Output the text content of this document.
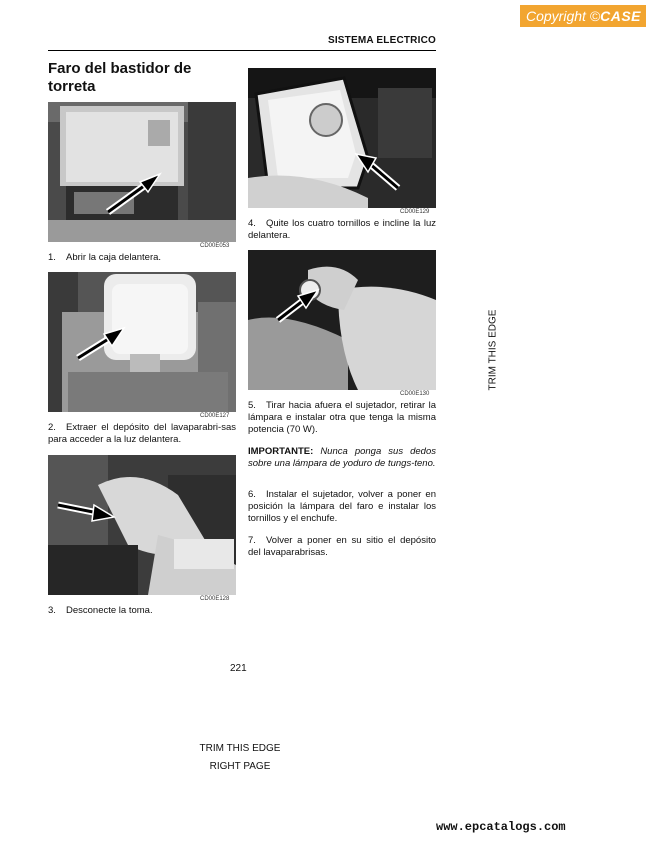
Copyright ©CASE
SISTEMA ELECTRICO
Faro del bastidor de torreta
CD00E053
1. Abrir la caja delantera.
CD00E127
2. Extraer el depósito del lavaparabri-sas para acceder a la luz delantera.
CD00E128
3. Desconecte la toma.
CD00E129
4. Quite los cuatro tornillos e incline la luz delantera.
CD00E130
5. Tirar hacia afuera el sujetador, retirar la lámpara e instalar otra que tenga la misma potencia (70 W).
IMPORTANTE: Nunca ponga sus dedos sobre una lámpara de yoduro de tungs-teno.
6. Instalar el sujetador, volver a poner en posición la lámpara del faro e instalar los tornillos y el enchufe.
7. Volver a poner en su sitio el depósito del lavaparabrisas.
TRIM THIS EDGE
221
TRIM THIS EDGE
RIGHT PAGE
www.epcatalogs.com
